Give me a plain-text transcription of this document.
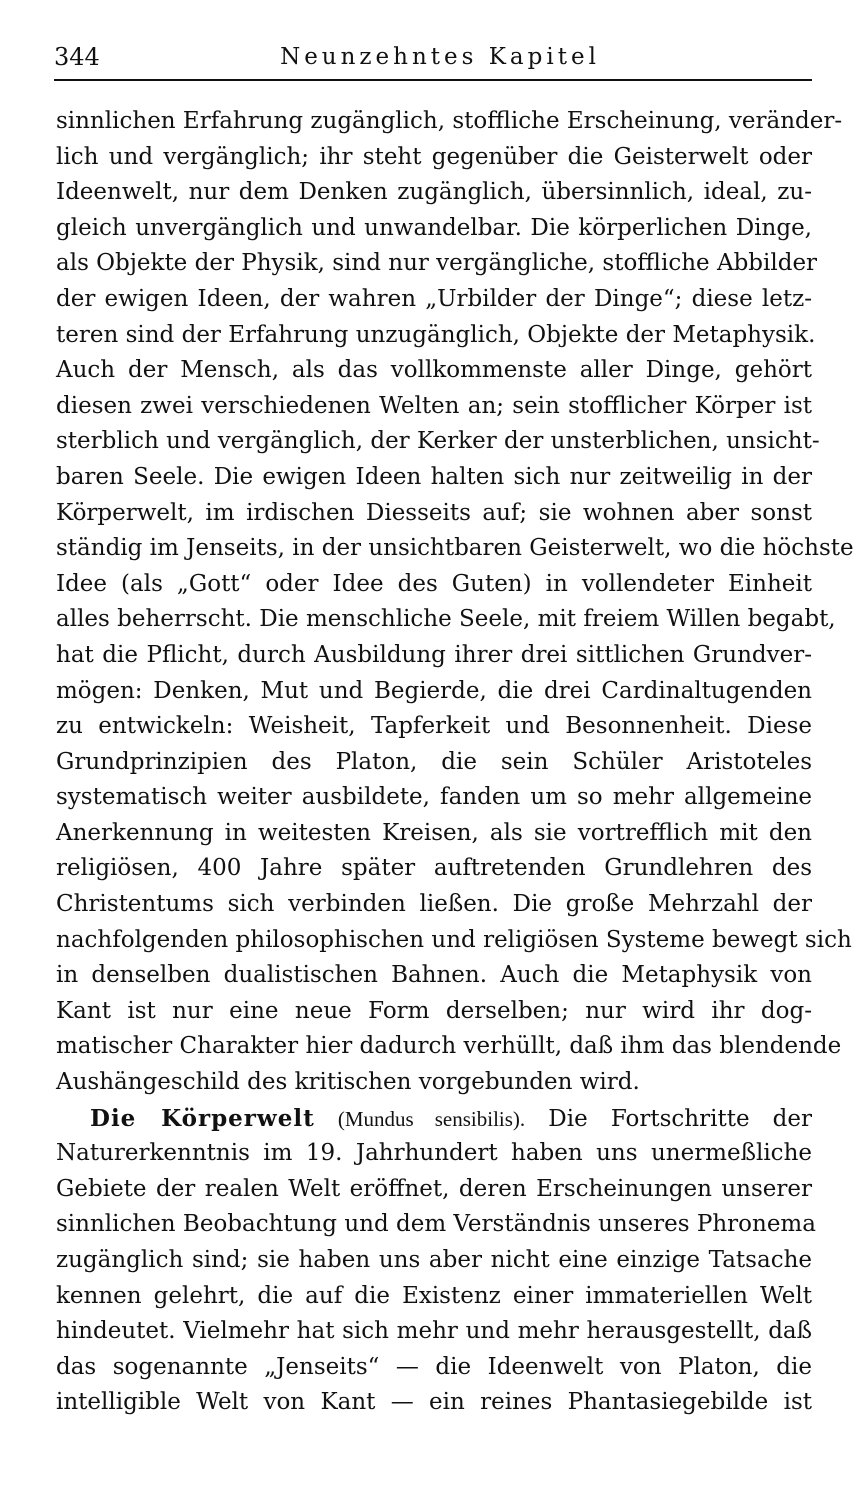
344	Neunzehntes Kapitel
sinnlichen Erfahrung zugänglich, stoffliche Erscheinung, veränder-
lich und vergänglich; ihr steht gegenüber die Geisterwelt oder
Ideenwelt, nur dem Denken zugänglich, übersinnlich, ideal, zu-
gleich unvergänglich und unwandelbar. Die körperlichen Dinge,
als Objekte der Physik, sind nur vergängliche, stoffliche Abbilder
der ewigen Ideen, der wahren „Urbilder der Dinge“; diese letz-
teren sind der Erfahrung unzugänglich, Objekte der Metaphysik.
Auch der Mensch, als das vollkommenste aller Dinge, gehört
diesen zwei verschiedenen Welten an; sein stofflicher Körper ist
sterblich und vergänglich, der Kerker der unsterblichen, unsicht-
baren Seele. Die ewigen Ideen halten sich nur zeitweilig in der
Körperwelt, im irdischen Diesseits auf; sie wohnen aber sonst
ständig im Jenseits, in der unsichtbaren Geisterwelt, wo die höchste
Idee (als „Gott“ oder Idee des Guten) in vollendeter Einheit
alles beherrscht. Die menschliche Seele, mit freiem Willen begabt,
hat die Pflicht, durch Ausbildung ihrer drei sittlichen Grundver-
mögen: Denken, Mut und Begierde, die drei Cardinaltugenden
zu entwickeln: Weisheit, Tapferkeit und Besonnenheit. Diese
Grundprinzipien des Platon, die sein Schüler Aristoteles
systematisch weiter ausbildete, fanden um so mehr allgemeine
Anerkennung in weitesten Kreisen, als sie vortrefflich mit den
religiösen, 400 Jahre später auftretenden Grundlehren des
Christentums sich verbinden ließen. Die große Mehrzahl der
nachfolgenden philosophischen und religiösen Systeme bewegt sich
in denselben dualistischen Bahnen. Auch die Metaphysik von
Kant ist nur eine neue Form derselben; nur wird ihr dog-
matischer Charakter hier dadurch verhüllt, daß ihm das blendende
Aushängeschild des kritischen vorgebunden wird.
Die Körperwelt (Mundus sensibilis). Die Fortschritte der
Naturerkenntnis im 19. Jahrhundert haben uns unermeßliche
Gebiete der realen Welt eröffnet, deren Erscheinungen unserer
sinnlichen Beobachtung und dem Verständnis unseres Phronema
zugänglich sind; sie haben uns aber nicht eine einzige Tatsache
kennen gelehrt, die auf die Existenz einer immateriellen Welt
hindeutet. Vielmehr hat sich mehr und mehr herausgestellt, daß
das sogenannte „Jenseits“ — die Ideenwelt von Platon, die
intelligible Welt von Kant — ein reines Phantasiegebilde ist
